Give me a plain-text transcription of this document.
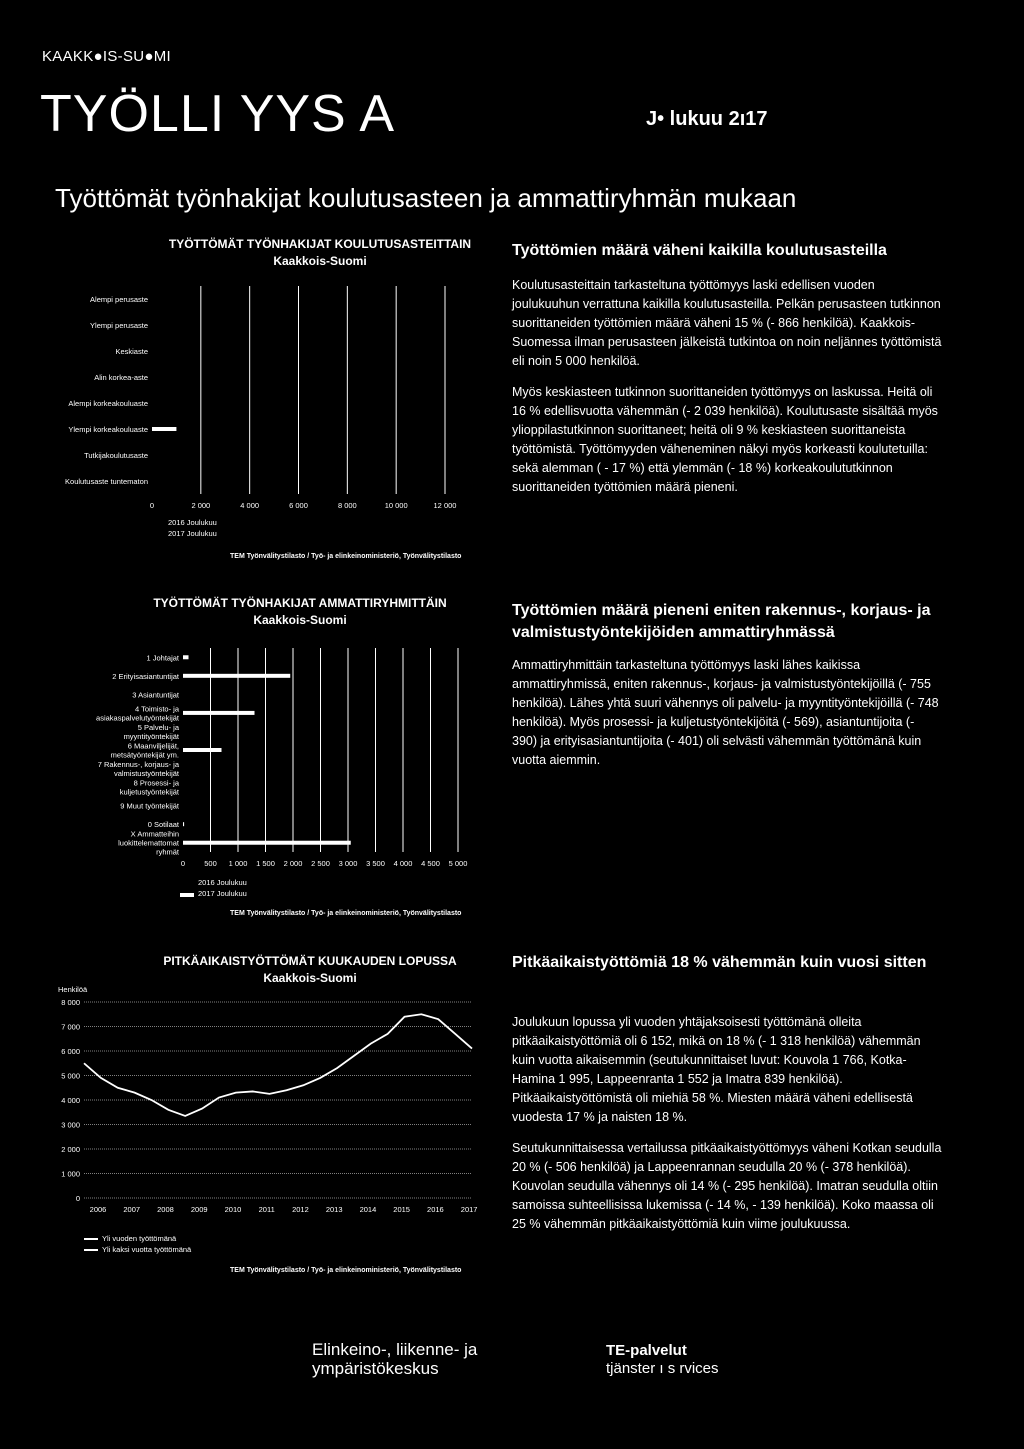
KAAKK●IS-SU●MI
TYÖLLI YYS A	J• lukuu 2ı17
Työttömät työnhakijat koulutusasteen ja ammattiryhmän mukaan
TYÖTTÖMÄT TYÖNHAKIJAT KOULUTUSASTEITTAIN
Kaakkois-Suomi
0	2 000	4 000	6 000	8 000	10 000	12 000
Alempi perusaste
Ylempi perusaste
Keskiaste
Alin korkea-aste
Alempi korkeakouluaste
Ylempi korkeakouluaste
Tutkijakoulutusaste
Koulutusaste tuntematon
2016 Joulukuu
2017 Joulukuu
TEM Työnvälitystilasto / Työ- ja elinkeinoministeriö, Työnvälitystilasto
Työttömien määrä väheni kaikilla koulutusasteilla

Koulutusasteittain tarkasteltuna työttömyys laski edellisen vuoden joulukuuhun verrattuna kaikilla koulutusasteilla. Pelkän perusasteen tutkinnon suorittaneiden työttömien määrä väheni 15 % (- 866 henkilöä). Kaakkois-Suomessa ilman perusasteen jälkeistä tutkintoa on noin neljännes työttömistä eli noin 5 000 henkilöä.

Myös keskiasteen tutkinnon suorittaneiden työttömyys on laskussa. Heitä oli 16 % edellisvuotta vähemmän (- 2 039 henkilöä). Koulutusaste sisältää myös ylioppilastutkinnon suorittaneet; heitä oli 9 % keskiasteen suorittaneista työttömistä. Työttömyyden väheneminen näkyi myös korkeasti koulutetuilla: sekä alemman ( - 17 %) että ylemmän (- 18 %) korkeakoulututkinnon suorittaneiden työttömien määrä pieneni.

TYÖTTÖMÄT TYÖNHAKIJAT AMMATTIRYHMITTÄIN
Kaakkois-Suomi
0	500 1 000 1 500 2 000 2 500 3 000 3 500 4 000 4 500 5 000
1 Johtajat
2 Erityisasiantuntijat
3 Asiantuntijat
4 Toimisto- ja
asiakaspalvelutyöntekijät
5 Palvelu- ja
myyntityöntekijät
6 Maanviljelijät,
metsätyöntekijät ym.
7 Rakennus-, korjaus- ja
valmistustyöntekijät
8 Prosessi- ja
kuljetustyöntekijät
9 Muut työntekijät
0 Sotilaat
X Ammatteihin
luokittelemattomat
ryhmät
2016 Joulukuu
2017 Joulukuu
TEM Työnvälitystilasto / Työ- ja elinkeinoministeriö, Työnvälitystilasto
Työttömien määrä pieneni eniten rakennus-, korjaus- ja valmistustyöntekijöiden ammattiryhmässä

Ammattiryhmittäin tarkasteltuna työttömyys laski lähes kaikissa ammattiryhmissä, eniten rakennus-, korjaus- ja valmistustyöntekijöillä (- 755 henkilöä). Lähes yhtä suuri vähennys oli palvelu- ja myyntityöntekijöillä (- 748 henkilöä). Myös prosessi- ja kuljetustyöntekijöitä (- 569), asiantuntijoita (- 390) ja erityisasiantuntijoita (- 401) oli selvästi vähemmän työttömänä kuin vuotta aiemmin.

PITKÄAIKAISTYÖTTÖMÄT KUUKAUDEN LOPUSSA
Kaakkois-Suomi
Henkilöä
0
1 000
2 000
3 000
4 000
5 000
6 000
7 000
8 000
2006 2007 2008 2009 2010 2011 2012 2013 2014 2015 2016 2017
Yli vuoden työttömänä
Yli kaksi vuotta työttömänä
TEM Työnvälitystilasto / Työ- ja elinkeinoministeriö, Työnvälitystilasto
Pitkäaikaistyöttömiä 18 % vähemmän kuin vuosi sitten

Joulukuun lopussa yli vuoden yhtäjaksoisesti työttömänä olleita pitkäaikaistyöttömiä oli 6 152, mikä on 18 % (- 1 318 henkilöä) vähemmän kuin vuotta aikaisemmin (seutukunnittaiset luvut: Kouvola 1 766, Kotka-Hamina 1 995, Lappeenranta 1 552 ja Imatra 839 henkilöä). Pitkäaikaistyöttömistä oli miehiä 58 %. Miesten määrä väheni edellisestä vuodesta 17 % ja naisten 18 %.

Seutukunnittaisessa vertailussa pitkäaikaistyöttömyys väheni Kotkan seudulla 20 % (- 506 henkilöä) ja Lappeenrannan seudulla 20 % (- 378 henkilöä). Kouvolan seudulla vähennys oli 14 % (- 295 henkilöä). Imatran seudulla oltiin samoissa suhteellisissa lukemissa (- 14 %, - 139 henkilöä). Koko maassa oli 25 % vähemmän pitkäaikaistyöttömiä kuin viime joulukuussa.

Elinkeino-, liikenne- ja
ympäristökeskus
TE-palvelut
tjänster ı s rvices
